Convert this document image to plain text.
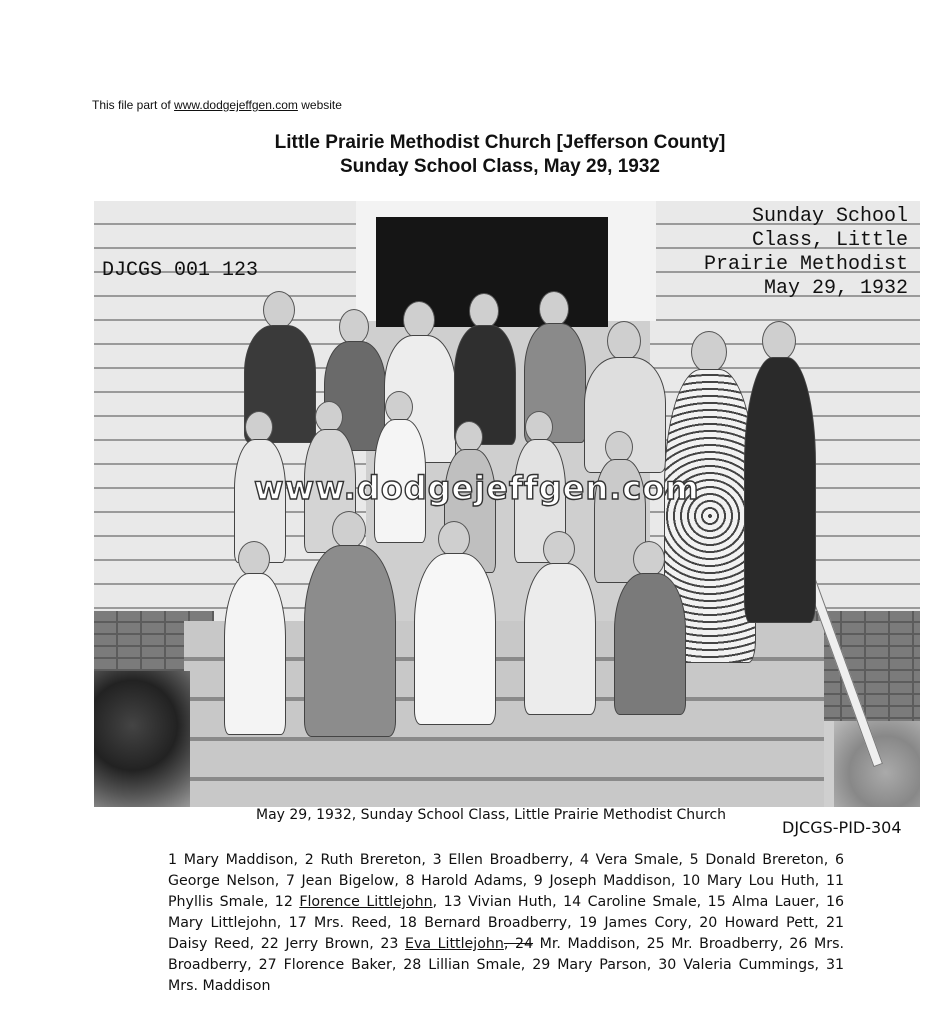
This file part of www.dodgejeffgen.com website
Little Prairie Methodist Church [Jefferson County]
Sunday School Class, May 29, 1932
DJCGS 001 123
Sunday School
Class, Little
Prairie Methodist
May 29, 1932
www.dodgejeffgen.com
May 29, 1932, Sunday School Class, Little Prairie Methodist Church
DJCGS-PID-304
1 Mary Maddison, 2 Ruth Brereton, 3 Ellen Broadberry, 4 Vera Smale, 5 Donald Brereton, 6 George Nelson, 7 Jean Bigelow, 8 Harold Adams, 9 Joseph Maddison, 10 Mary Lou Huth, 11 Phyllis Smale, 12 Florence Littlejohn, 13 Vivian Huth, 14 Caroline Smale, 15 Alma Lauer, 16 Mary Littlejohn, 17 Mrs. Reed, 18 Bernard Broadberry, 19 James Cory, 20 Howard Pett, 21 Daisy Reed, 22 Jerry Brown, 23 Eva Littlejohn, 24 Mr. Maddison, 25 Mr. Broadberry, 26 Mrs. Broadberry, 27 Florence Baker, 28 Lillian Smale, 29 Mary Parson, 30 Valeria Cummings, 31 Mrs. Maddison
